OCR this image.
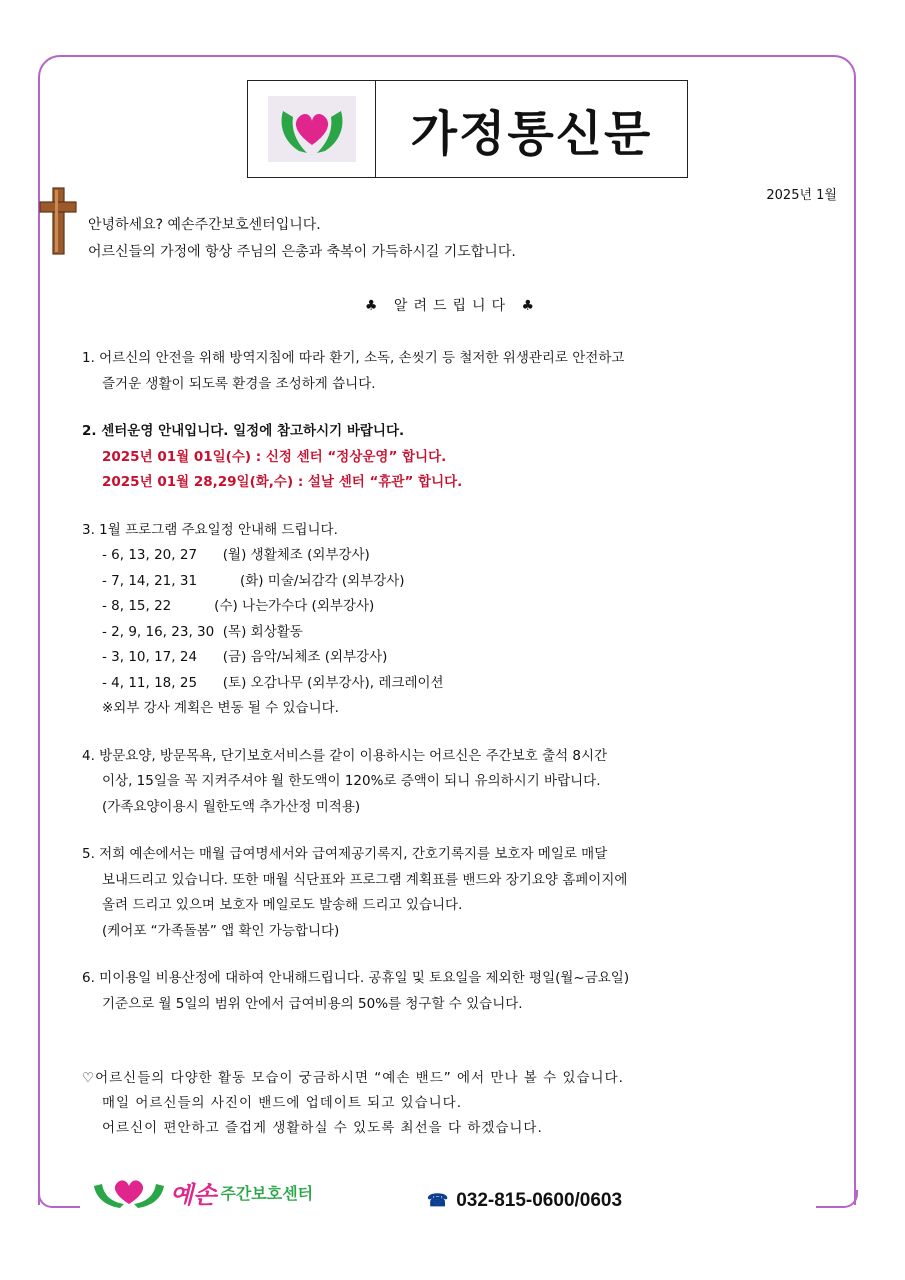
가정통신문
2025년 1월
안녕하세요? 예손주간보호센터입니다.
어르신들의 가정에 항상 주님의 은총과 축복이 가득하시길 기도합니다.
♣ 알려드립니다 ♣
1. 어르신의 안전을 위해 방역지침에 따라 환기, 소독, 손씻기 등 철저한 위생관리로 안전하고
즐거운 생활이 되도록 환경을 조성하게 씁니다.
2. 센터운영 안내입니다. 일정에 참고하시기 바랍니다.
2025년 01월 01일(수) : 신정 센터 “정상운영” 합니다.
2025년 01월 28,29일(화,수) : 설날 센터 “휴관” 합니다.
3. 1월 프로그램 주요일정 안내해 드립니다.
- 6, 13, 20, 27      (월) 생활체조 (외부강사)
- 7, 14, 21, 31          (화) 미술/뇌감각 (외부강사)
- 8, 15, 22          (수) 나는가수다 (외부강사)
- 2, 9, 16, 23, 30  (목) 회상활동
- 3, 10, 17, 24      (금) 음악/뇌체조 (외부강사)
- 4, 11, 18, 25      (토) 오감나무 (외부강사), 레크레이션
※외부 강사 계획은 변동 될 수 있습니다.
4. 방문요양, 방문목욕, 단기보호서비스를 같이 이용하시는 어르신은 주간보호 출석 8시간
이상, 15일을 꼭 지켜주셔야 월 한도액이 120%로 증액이 되니 유의하시기 바랍니다.
(가족요양이용시 월한도액 추가산정 미적용)
5. 저희 예손에서는 매월 급여명세서와 급여제공기록지, 간호기록지를 보호자 메일로 매달
보내드리고 있습니다. 또한 매월 식단표와 프로그램 계획표를 밴드와 장기요양 홈페이지에
올려 드리고 있으며 보호자 메일로도 발송해 드리고 있습니다.
(케어포 “가족돌봄” 앱 확인 가능합니다)
6. 미이용일 비용산정에 대하여 안내해드립니다. 공휴일 및 토요일을 제외한 평일(월~금요일)
기준으로 월 5일의 범위 안에서 급여비용의 50%를 청구할 수 있습니다.
♡어르신들의 다양한 활동 모습이 궁금하시면 “예손 밴드” 에서 만나 볼 수 있습니다.
매일 어르신들의 사진이 밴드에 업데이트 되고 있습니다.
어르신이 편안하고 즐겁게 생활하실 수 있도록 최선을 다 하겠습니다.
예손 주간보호센터	☎ 032-815-0600/0603
